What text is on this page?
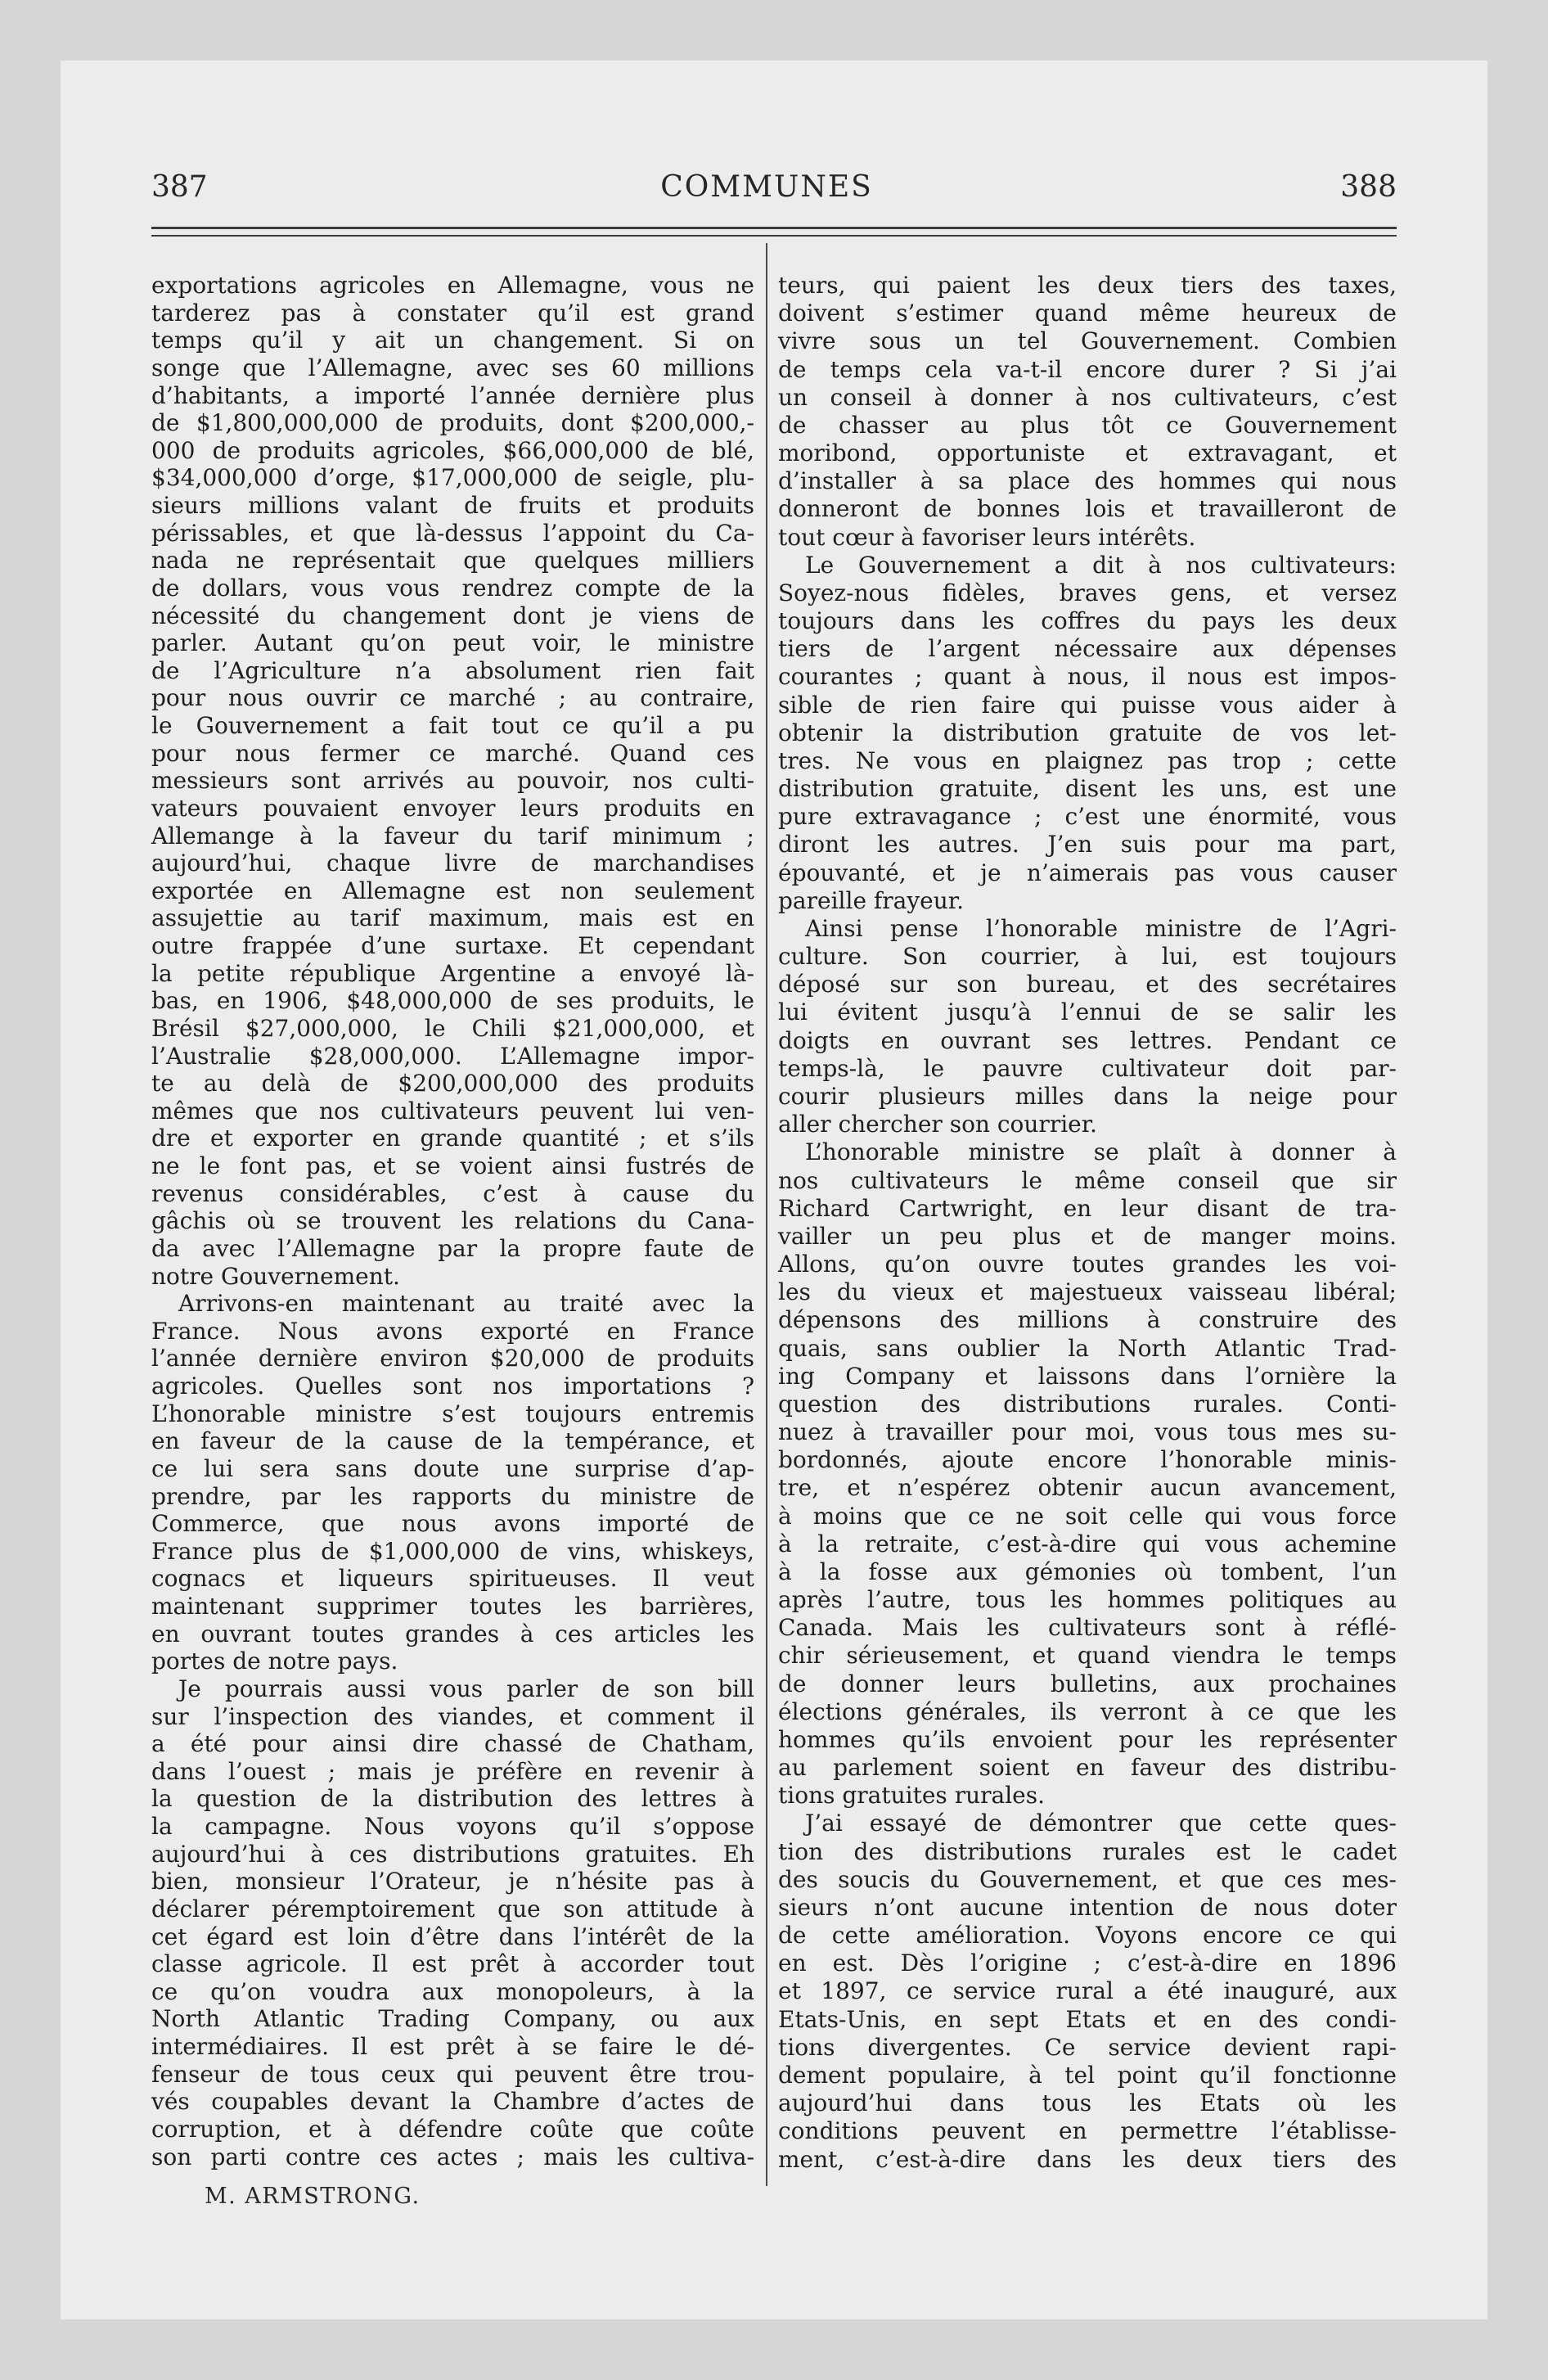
387	COMMUNES	388
exportations agricoles en Allemagne, vous ne
tarderez pas à constater qu’il est grand
temps qu’il y ait un changement. Si on
songe que l’Allemagne, avec ses 60 millions
d’habitants, a importé l’année dernière plus
de $1,800,000,000 de produits, dont $200,000,-
000 de produits agricoles, $66,000,000 de blé,
$34,000,000 d’orge, $17,000,000 de seigle, plu-
sieurs millions valant de fruits et produits
périssables, et que là-dessus l’appoint du Ca-
nada ne représentait que quelques milliers
de dollars, vous vous rendrez compte de la
nécessité du changement dont je viens de
parler. Autant qu’on peut voir, le ministre
de l’Agriculture n’a absolument rien fait
pour nous ouvrir ce marché ; au contraire,
le Gouvernement a fait tout ce qu’il a pu
pour nous fermer ce marché. Quand ces
messieurs sont arrivés au pouvoir, nos culti-
vateurs pouvaient envoyer leurs produits en
Allemange à la faveur du tarif minimum ;
aujourd’hui, chaque livre de marchandises
exportée en Allemagne est non seulement
assujettie au tarif maximum, mais est en
outre frappée d’une surtaxe. Et cependant
la petite république Argentine a envoyé là-
bas, en 1906, $48,000,000 de ses produits, le
Brésil $27,000,000, le Chili $21,000,000, et
l’Australie $28,000,000. L’Allemagne impor-
te au delà de $200,000,000 des produits
mêmes que nos cultivateurs peuvent lui ven-
dre et exporter en grande quantité ; et s’ils
ne le font pas, et se voient ainsi fustrés de
revenus considérables, c’est à cause du
gâchis où se trouvent les relations du Cana-
da avec l’Allemagne par la propre faute de
notre Gouvernement.
Arrivons-en maintenant au traité avec la
France. Nous avons exporté en France
l’année dernière environ $20,000 de produits
agricoles. Quelles sont nos importations ?
L’honorable ministre s’est toujours entremis
en faveur de la cause de la tempérance, et
ce lui sera sans doute une surprise d’ap-
prendre, par les rapports du ministre de
Commerce, que nous avons importé de
France plus de $1,000,000 de vins, whiskeys,
cognacs et liqueurs spiritueuses. Il veut
maintenant supprimer toutes les barrières,
en ouvrant toutes grandes à ces articles les
portes de notre pays.
Je pourrais aussi vous parler de son bill
sur l’inspection des viandes, et comment il
a été pour ainsi dire chassé de Chatham,
dans l’ouest ; mais je préfère en revenir à
la question de la distribution des lettres à
la campagne. Nous voyons qu’il s’oppose
aujourd’hui à ces distributions gratuites. Eh
bien, monsieur l’Orateur, je n’hésite pas à
déclarer péremptoirement que son attitude à
cet égard est loin d’être dans l’intérêt de la
classe agricole. Il est prêt à accorder tout
ce qu’on voudra aux monopoleurs, à la
North Atlantic Trading Company, ou aux
intermédiaires. Il est prêt à se faire le dé-
fenseur de tous ceux qui peuvent être trou-
vés coupables devant la Chambre d’actes de
corruption, et à défendre coûte que coûte
son parti contre ces actes ; mais les cultiva-
teurs, qui paient les deux tiers des taxes,
doivent s’estimer quand même heureux de
vivre sous un tel Gouvernement. Combien
de temps cela va-t-il encore durer ? Si j’ai
un conseil à donner à nos cultivateurs, c’est
de chasser au plus tôt ce Gouvernement
moribond, opportuniste et extravagant, et
d’installer à sa place des hommes qui nous
donneront de bonnes lois et travailleront de
tout cœur à favoriser leurs intérêts.
Le Gouvernement a dit à nos cultivateurs:
Soyez-nous fidèles, braves gens, et versez
toujours dans les coffres du pays les deux
tiers de l’argent nécessaire aux dépenses
courantes ; quant à nous, il nous est impos-
sible de rien faire qui puisse vous aider à
obtenir la distribution gratuite de vos let-
tres. Ne vous en plaignez pas trop ; cette
distribution gratuite, disent les uns, est une
pure extravagance ; c’est une énormité, vous
diront les autres. J’en suis pour ma part,
épouvanté, et je n’aimerais pas vous causer
pareille frayeur.
Ainsi pense l’honorable ministre de l’Agri-
culture. Son courrier, à lui, est toujours
déposé sur son bureau, et des secrétaires
lui évitent jusqu’à l’ennui de se salir les
doigts en ouvrant ses lettres. Pendant ce
temps-là, le pauvre cultivateur doit par-
courir plusieurs milles dans la neige pour
aller chercher son courrier.
L’honorable ministre se plaît à donner à
nos cultivateurs le même conseil que sir
Richard Cartwright, en leur disant de tra-
vailler un peu plus et de manger moins.
Allons, qu’on ouvre toutes grandes les voi-
les du vieux et majestueux vaisseau libéral;
dépensons des millions à construire des
quais, sans oublier la North Atlantic Trad-
ing Company et laissons dans l’ornière la
question des distributions rurales. Conti-
nuez à travailler pour moi, vous tous mes su-
bordonnés, ajoute encore l’honorable minis-
tre, et n’espérez obtenir aucun avancement,
à moins que ce ne soit celle qui vous force
à la retraite, c’est-à-dire qui vous achemine
à la fosse aux gémonies où tombent, l’un
après l’autre, tous les hommes politiques au
Canada. Mais les cultivateurs sont à réflé-
chir sérieusement, et quand viendra le temps
de donner leurs bulletins, aux prochaines
élections générales, ils verront à ce que les
hommes qu’ils envoient pour les représenter
au parlement soient en faveur des distribu-
tions gratuites rurales.
J’ai essayé de démontrer que cette ques-
tion des distributions rurales est le cadet
des soucis du Gouvernement, et que ces mes-
sieurs n’ont aucune intention de nous doter
de cette amélioration. Voyons encore ce qui
en est. Dès l’origine ; c’est-à-dire en 1896
et 1897, ce service rural a été inauguré, aux
Etats-Unis, en sept Etats et en des condi-
tions divergentes. Ce service devient rapi-
dement populaire, à tel point qu’il fonctionne
aujourd’hui dans tous les Etats où les
conditions peuvent en permettre l’établisse-
ment, c’est-à-dire dans les deux tiers des
M. ARMSTRONG.
